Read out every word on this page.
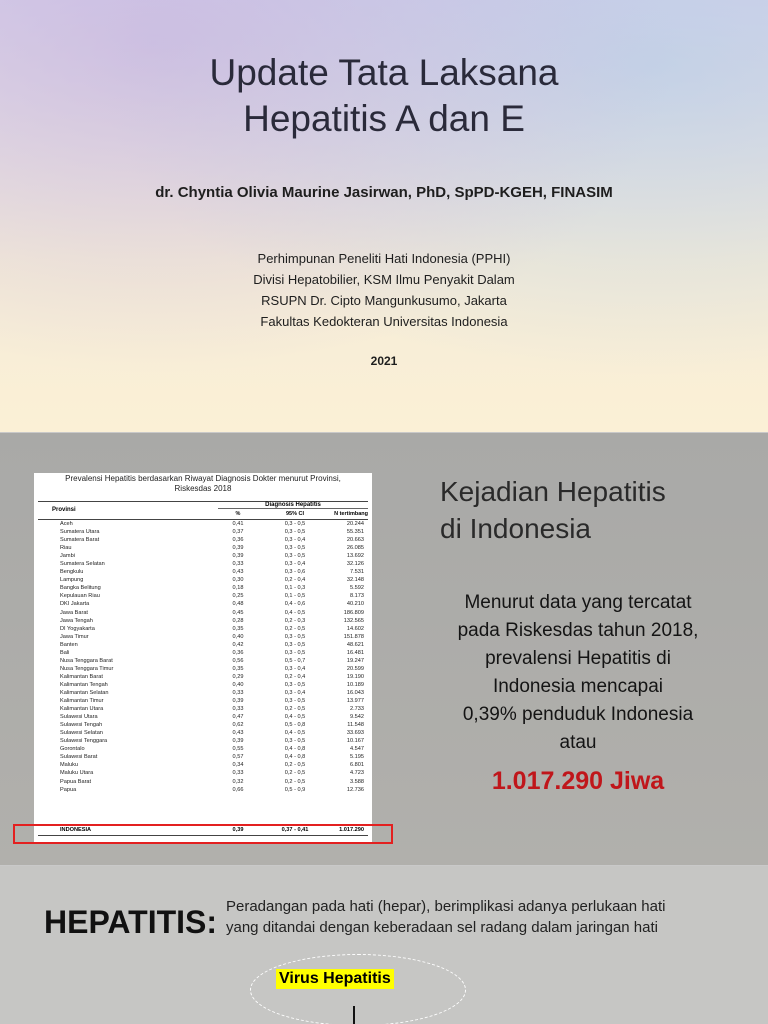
Update Tata Laksana
Hepatitis A dan E
dr. Chyntia Olivia Maurine Jasirwan, PhD, SpPD-KGEH, FINASIM
Perhimpunan Peneliti Hati Indonesia (PPHI)
Divisi Hepatobilier, KSM Ilmu Penyakit Dalam
RSUPN Dr. Cipto Mangunkusumo, Jakarta
Fakultas Kedokteran Universitas Indonesia
2021
Prevalensi Hepatitis berdasarkan Riwayat Diagnosis Dokter menurut Provinsi,
Riskesdas 2018
Provinsi
Diagnosis Hepatitis
%	95% CI	N tertimbang
Aceh	0,41	0,3 - 0,5	20.244
Sumatera Utara	0,37	0,3 - 0,5	55.351
Sumatera Barat	0,36	0,3 - 0,4	20.663
Riau	0,39	0,3 - 0,5	26.085
Jambi	0,39	0,3 - 0,5	13.692
Sumatera Selatan	0,33	0,3 - 0,4	32.126
Bengkulu	0,43	0,3 - 0,6	7.531
Lampung	0,30	0,2 - 0,4	32.148
Bangka Belitung	0,18	0,1 - 0,3	5.592
Kepulauan Riau	0,25	0,1 - 0,5	8.173
DKI Jakarta	0,48	0,4 - 0,6	40.210
Jawa Barat	0,45	0,4 - 0,5	186.809
Jawa Tengah	0,28	0,2 - 0,3	132.565
DI Yogyakarta	0,35	0,2 - 0,5	14.602
Jawa Timur	0,40	0,3 - 0,5	151.878
Banten	0,42	0,3 - 0,5	48.621
Bali	0,36	0,3 - 0,5	16.481
Nusa Tenggara Barat	0,56	0,5 - 0,7	19.247
Nusa Tenggara Timur	0,35	0,3 - 0,4	20.599
Kalimantan Barat	0,29	0,2 - 0,4	19.190
Kalimantan Tengah	0,40	0,3 - 0,5	10.189
Kalimantan Selatan	0,33	0,3 - 0,4	16.043
Kalimantan Timur	0,39	0,3 - 0,5	13.977
Kalimantan Utara	0,33	0,2 - 0,5	2.733
Sulawesi Utara	0,47	0,4 - 0,5	9.542
Sulawesi Tengah	0,62	0,5 - 0,8	11.548
Sulawesi Selatan	0,43	0,4 - 0,5	33.693
Sulawesi Tenggara	0,39	0,3 - 0,5	10.167
Gorontalo	0,55	0,4 - 0,8	4.547
Sulawesi Barat	0,57	0,4 - 0,8	5.195
Maluku	0,34	0,2 - 0,5	6.801
Maluku Utara	0,33	0,2 - 0,5	4.723
Papua Barat	0,32	0,2 - 0,5	3.588
Papua	0,66	0,5 - 0,9	12.736
INDONESIA	0,39	0,37 - 0,41	1.017.290
Kejadian Hepatitis
di Indonesia
Menurut data yang tercatat
pada Riskesdas tahun 2018,
prevalensi Hepatitis di
Indonesia mencapai
0,39% penduduk Indonesia
atau
1.017.290 Jiwa
HEPATITIS: Peradangan pada hati (hepar), berimplikasi adanya perlukaan hati
yang ditandai dengan keberadaan sel radang dalam jaringan hati
Virus Hepatitis
